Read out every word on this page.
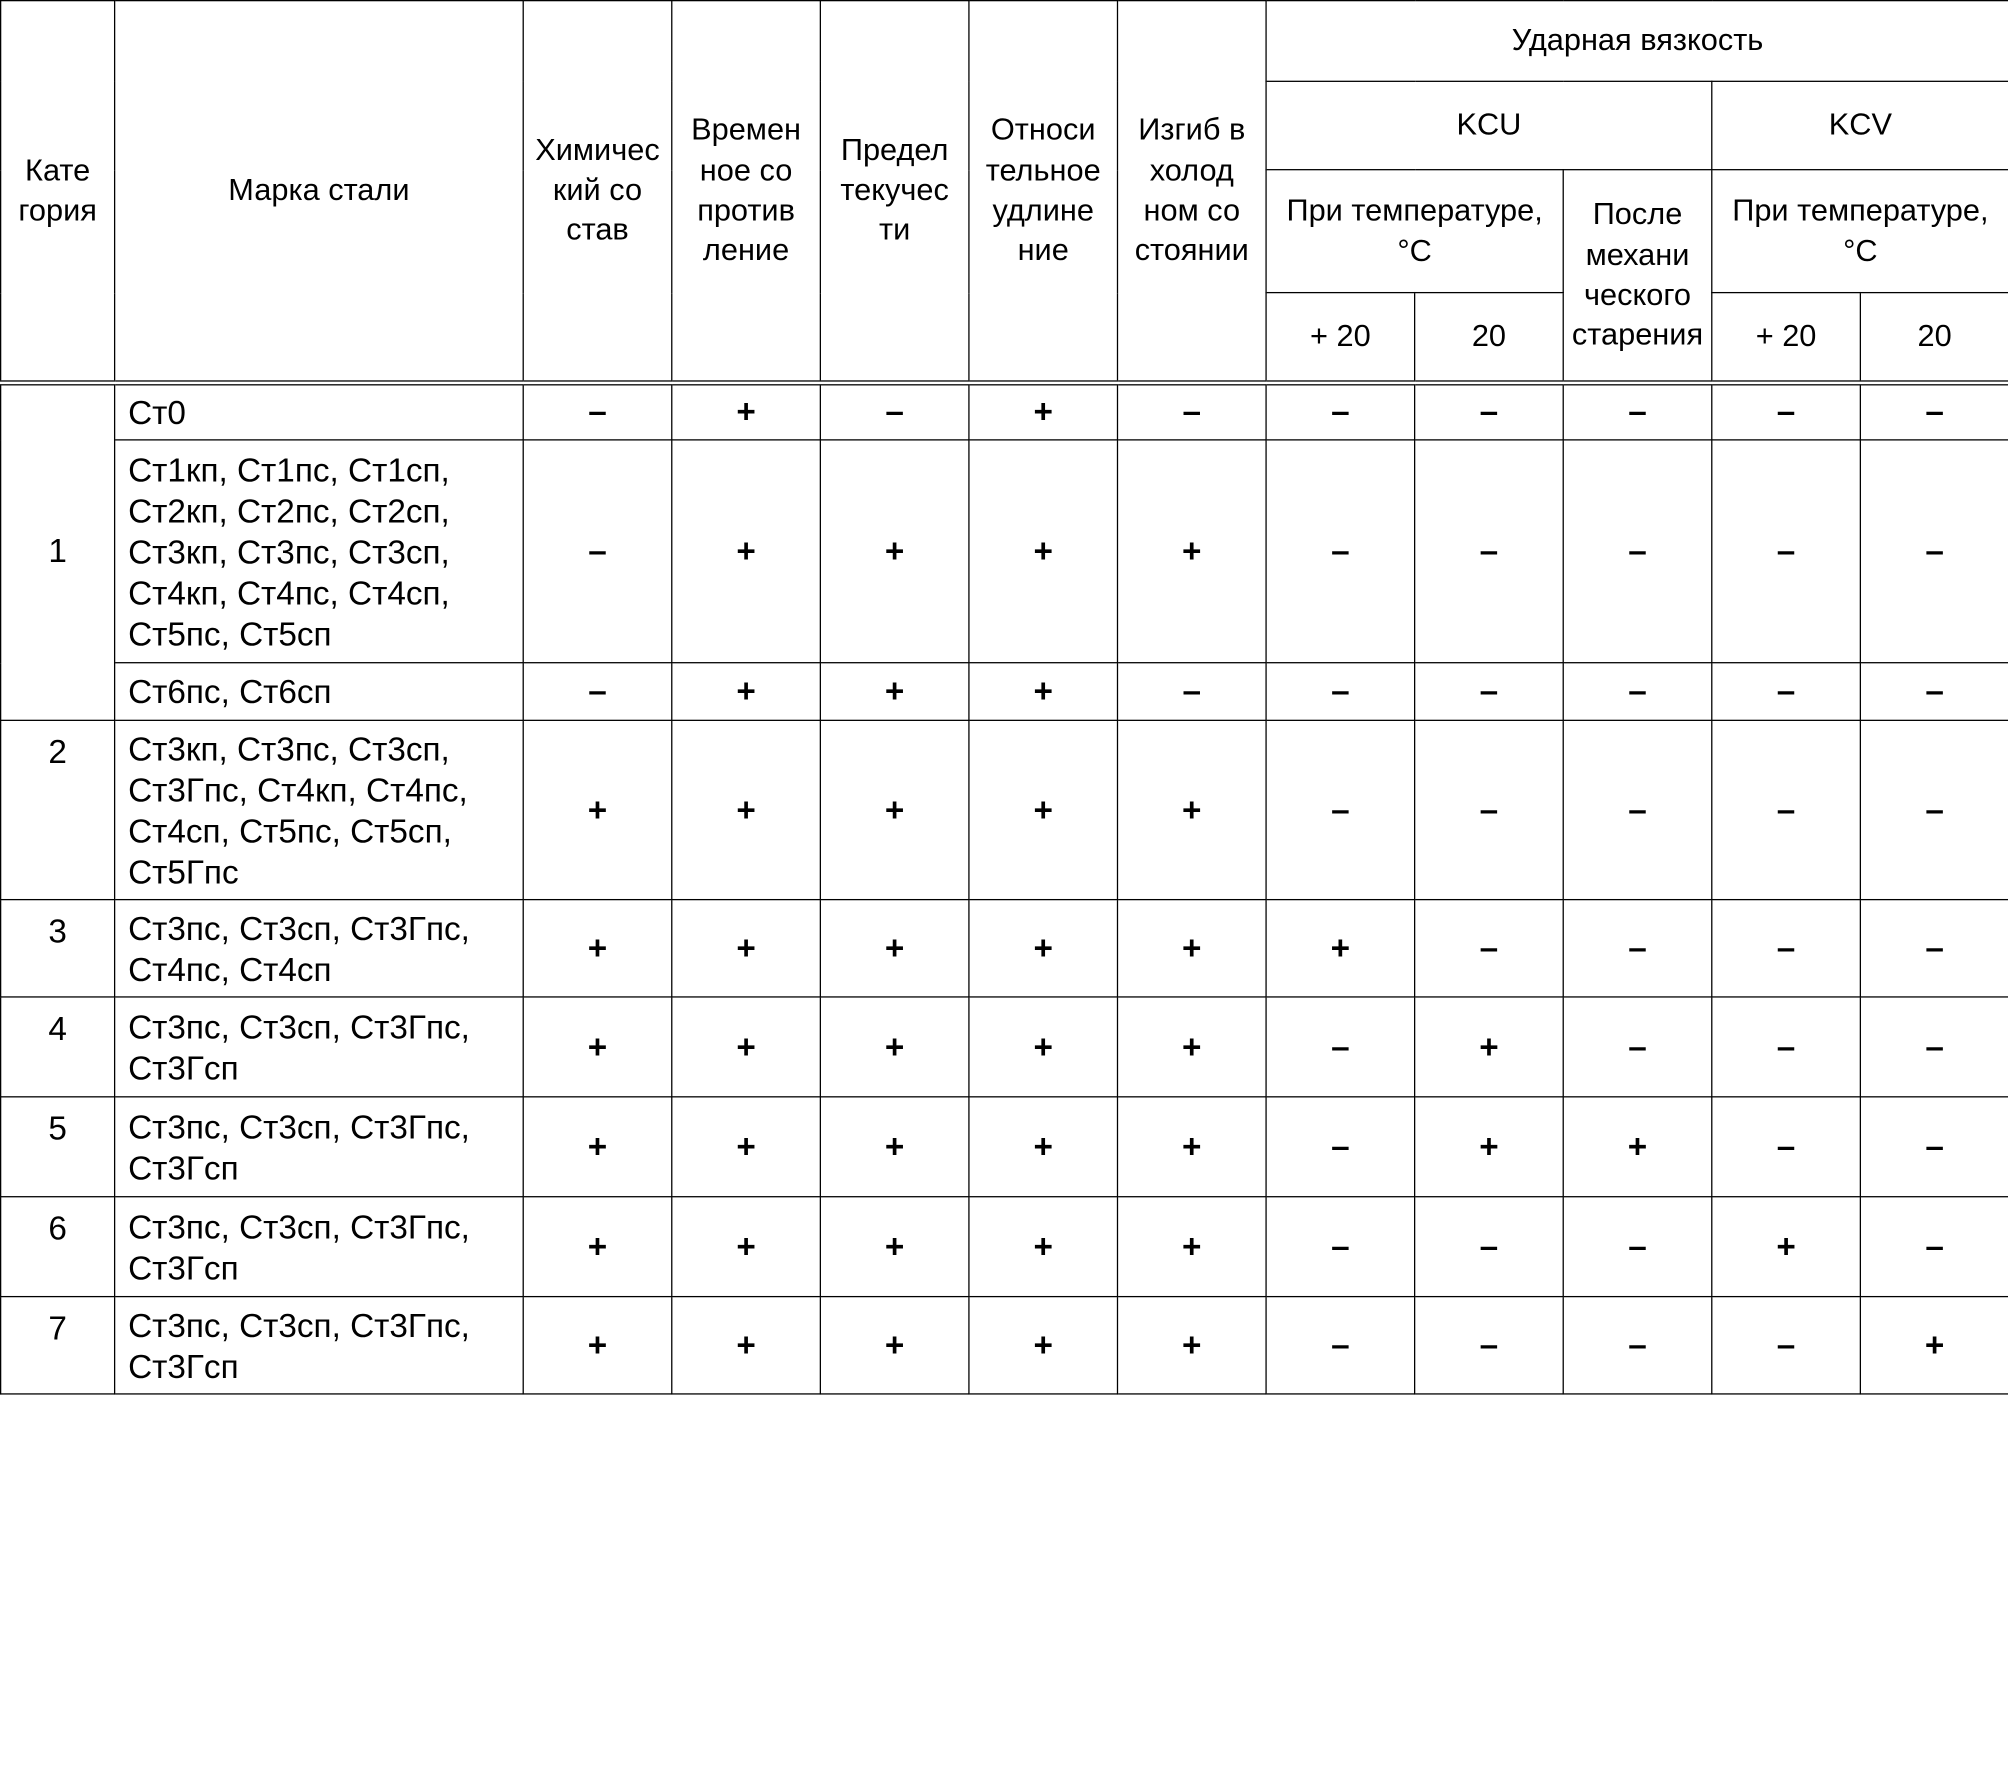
Кате
гория	Марка стали	Химичес
кий со
став	Времен
ное со
против
ление	Предел
текучес
ти	Относи
тельное
удлине
ние	Изгиб в
холод
ном со
стоянии	Ударная вязкость				
							KCU			KCV	
							При температуре,
°С		После
механи
ческого
старения	При температуре,
°С	
							+ 20	20		+ 20	20
1	Ст0	–	+	–	+	–	–	–	–	–	–
	Ст1кп, Ст1пс, Ст1сп,
Ст2кп, Ст2пс, Ст2сп,
Ст3кп, Ст3пс, Ст3сп,
Ст4кп, Ст4пс, Ст4сп,
Ст5пс, Ст5сп	–	+	+	+	+	–	–	–	–	–
	Ст6пс, Ст6сп	–	+	+	+	–	–	–	–	–	–
2	Ст3кп, Ст3пс, Ст3сп,
Ст3Гпс, Ст4кп, Ст4пс,
Ст4сп, Ст5пс, Ст5сп,
Ст5Гпс	+	+	+	+	+	–	–	–	–	–
3	Ст3пс, Ст3сп, Ст3Гпс,
Ст4пс, Ст4сп	+	+	+	+	+	+	–	–	–	–
4	Ст3пс, Ст3сп, Ст3Гпс,
Ст3Гсп	+	+	+	+	+	–	+	–	–	–
5	Ст3пс, Ст3сп, Ст3Гпс,
Ст3Гсп	+	+	+	+	+	–	+	+	–	–
6	Ст3пс, Ст3сп, Ст3Гпс,
Ст3Гсп	+	+	+	+	+	–	–	–	+	–
7	Ст3пс, Ст3сп, Ст3Гпс,
Ст3Гсп	+	+	+	+	+	–	–	–	–	+
